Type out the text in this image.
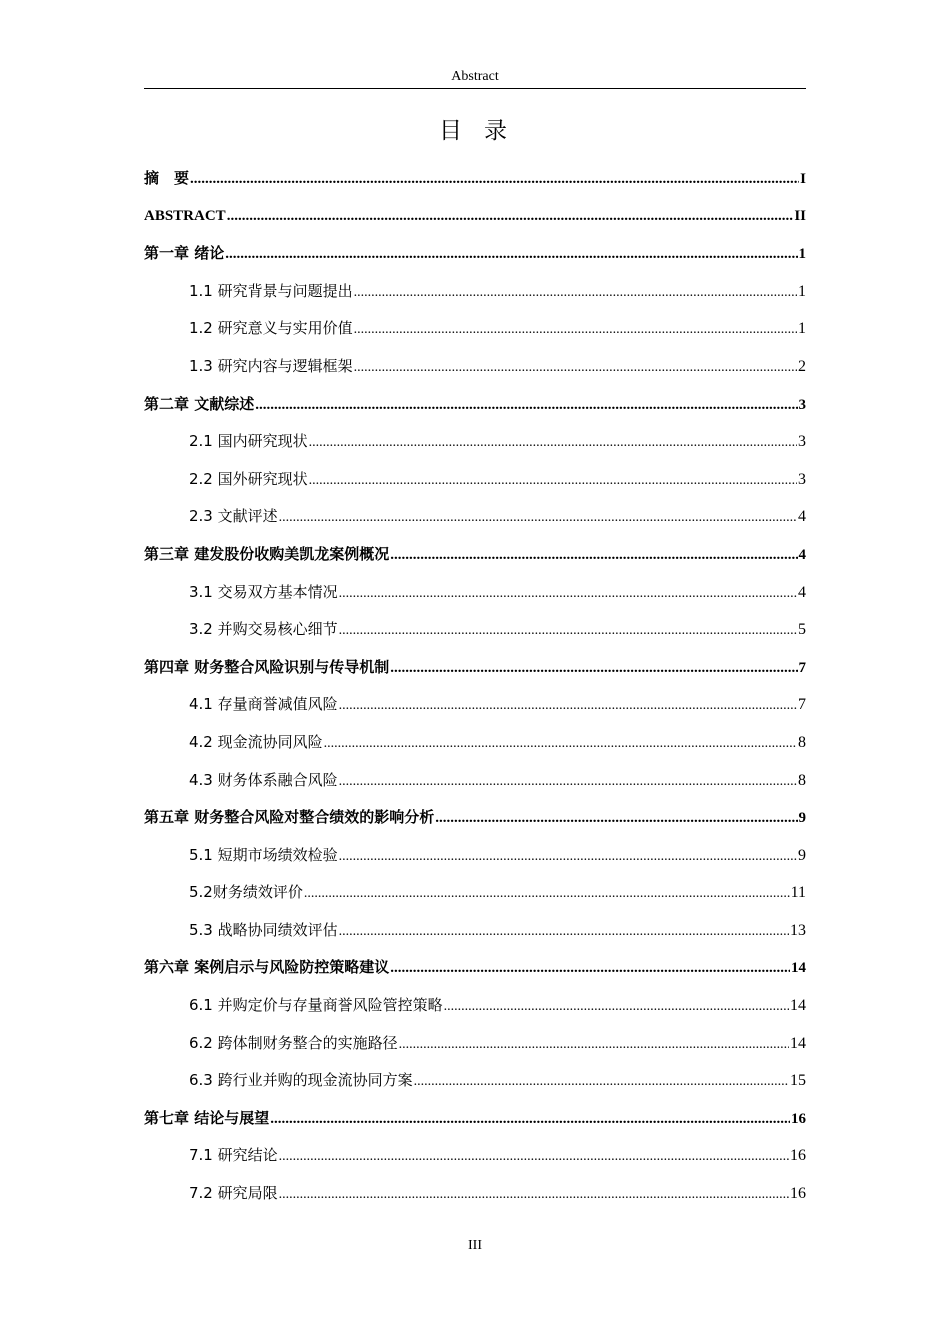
Abstract
目 录
摘　要 .....	I
ABSTRACT .....	II
第一章 绪论 .....	1
1.1 研究背景与问题提出 .....	1
1.2 研究意义与实用价值 .....	1
1.3 研究内容与逻辑框架 .....	2
第二章 文献综述 .....	3
2.1 国内研究现状 .....	3
2.2 国外研究现状 .....	3
2.3 文献评述 .....	4
第三章 建发股份收购美凯龙案例概况 .....	4
3.1 交易双方基本情况 .....	4
3.2 并购交易核心细节 .....	5
第四章 财务整合风险识别与传导机制 .....	7
4.1 存量商誉减值风险 .....	7
4.2 现金流协同风险 .....	8
4.3 财务体系融合风险 .....	8
第五章 财务整合风险对整合绩效的影响分析 .....	9
5.1 短期市场绩效检验 .....	9
5.2财务绩效评价 .....	11
5.3 战略协同绩效评估 .....	13
第六章 案例启示与风险防控策略建议 .....	14
6.1 并购定价与存量商誉风险管控策略 .....	14
6.2 跨体制财务整合的实施路径 .....	14
6.3 跨行业并购的现金流协同方案 .....	15
第七章 结论与展望 .....	16
7.1 研究结论 .....	16
7.2 研究局限 .....	16
III
